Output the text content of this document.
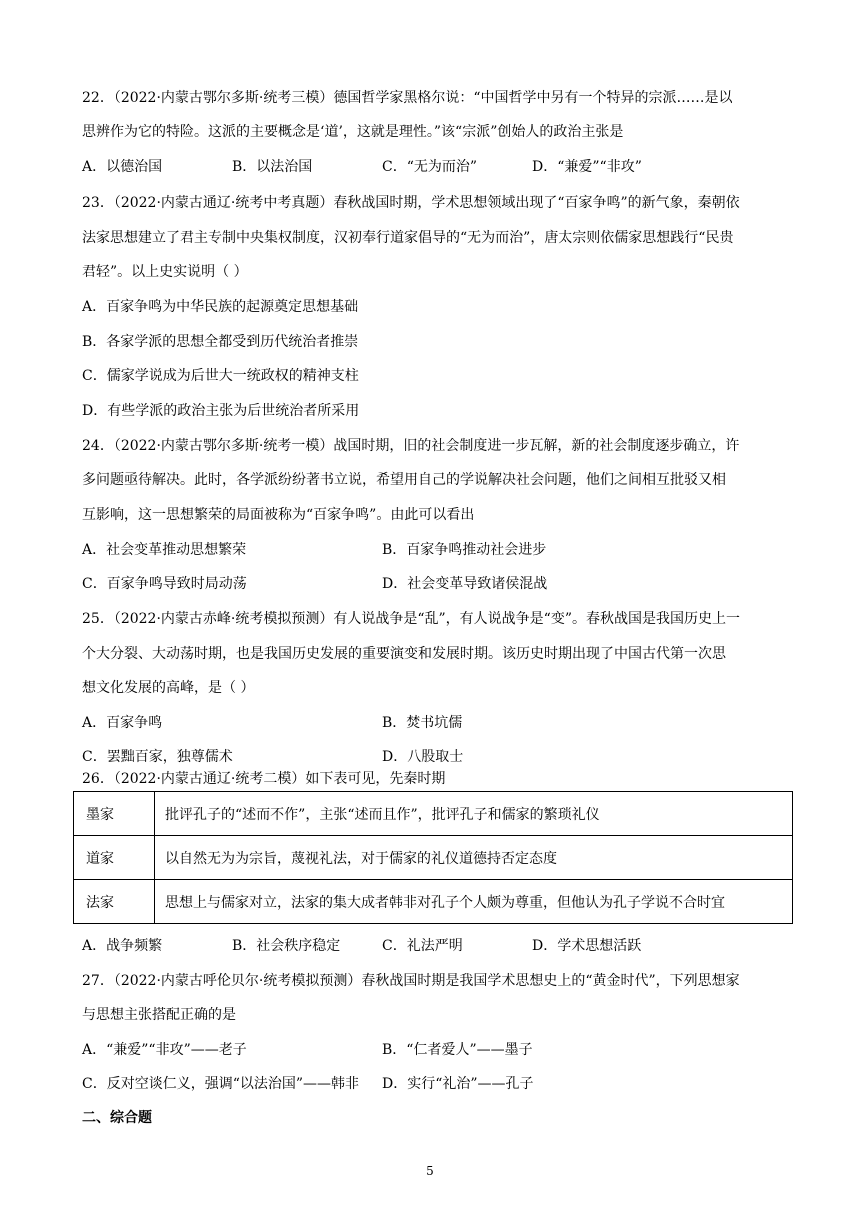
22．（2022·内蒙古鄂尔多斯·统考三模）德国哲学家黑格尔说：“中国哲学中另有一个特异的宗派……是以
思辨作为它的特险。这派的主要概念是‘道’，这就是理性。”该“宗派”创始人的政治主张是
A．以德治国	B．以法治国	C．“无为而治”	D．“兼爱”“非攻”
23．（2022·内蒙古通辽·统考中考真题）春秋战国时期，学术思想领域出现了“百家争鸣”的新气象，秦朝依
法家思想建立了君主专制中央集权制度，汉初奉行道家倡导的“无为而治”，唐太宗则依儒家思想践行“民贵
君轻”。以上史实说明（ ）
A．百家争鸣为中华民族的起源奠定思想基础
B．各家学派的思想全都受到历代统治者推崇
C．儒家学说成为后世大一统政权的精神支柱
D．有些学派的政治主张为后世统治者所采用
24．（2022·内蒙古鄂尔多斯·统考一模）战国时期，旧的社会制度进一步瓦解，新的社会制度逐步确立，许
多问题亟待解决。此时，各学派纷纷著书立说，希望用自己的学说解决社会问题，他们之间相互批驳又相
互影响，这一思想繁荣的局面被称为“百家争鸣”。由此可以看出
A．社会变革推动思想繁荣	B．百家争鸣推动社会进步
C．百家争鸣导致时局动荡	D．社会变革导致诸侯混战
25．（2022·内蒙古赤峰·统考模拟预测）有人说战争是“乱”，有人说战争是“变”。春秋战国是我国历史上一
个大分裂、大动荡时期，也是我国历史发展的重要演变和发展时期。该历史时期出现了中国古代第一次思
想文化发展的高峰，是（ ）
A．百家争鸣	B．焚书坑儒
C．罢黜百家，独尊儒术	D．八股取士
26．（2022·内蒙古通辽·统考二模）如下表可见，先秦时期
墨家	批评孔子的“述而不作”，主张“述而且作”，批评孔子和儒家的繁琐礼仪
道家	以自然无为为宗旨，蔑视礼法，对于儒家的礼仪道德持否定态度
法家	思想上与儒家对立，法家的集大成者韩非对孔子个人颇为尊重，但他认为孔子学说不合时宜
A．战争频繁	B．社会秩序稳定	C．礼法严明	D．学术思想活跃
27．（2022·内蒙古呼伦贝尔·统考模拟预测）春秋战国时期是我国学术思想史上的“黄金时代”，下列思想家
与思想主张搭配正确的是
A．“兼爱”“非攻”——老子	B．“仁者爱人”——墨子
C．反对空谈仁义，强调“以法治国”——韩非 D．实行“礼治”——孔子
二、综合题
5
